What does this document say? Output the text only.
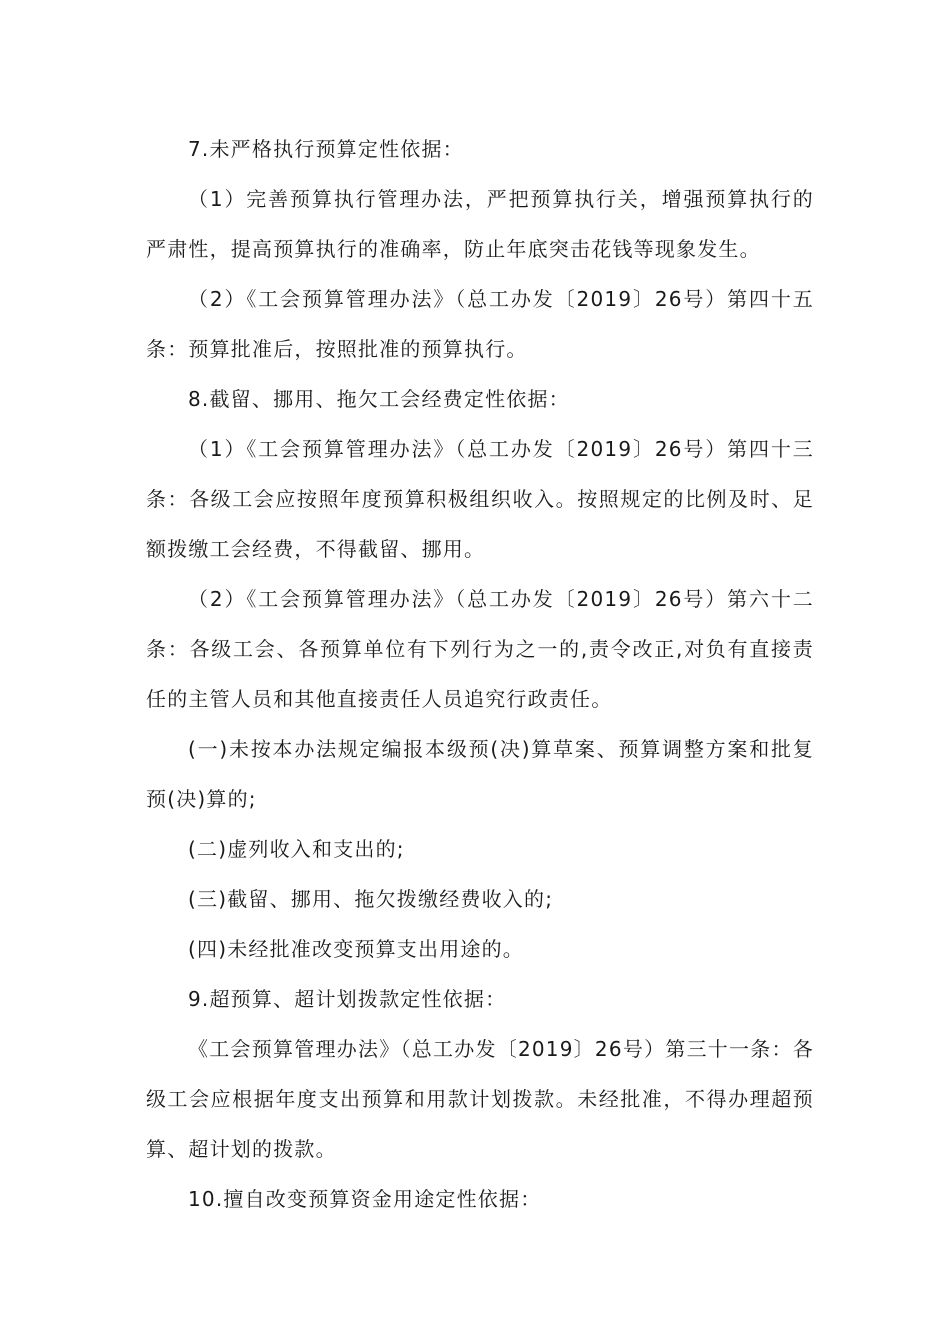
7.未严格执行预算定性依据：

（1）完善预算执行管理办法，严把预算执行关，增强预算执行的严肃性，提高预算执行的准确率，防止年底突击花钱等现象发生。

（2）《工会预算管理办法》（总工办发〔2019〕26号）第四十五条：预算批准后，按照批准的预算执行。

8.截留、挪用、拖欠工会经费定性依据：

（1）《工会预算管理办法》（总工办发〔2019〕26号）第四十三条：各级工会应按照年度预算积极组织收入。按照规定的比例及时、足额拨缴工会经费，不得截留、挪用。

（2）《工会预算管理办法》（总工办发〔2019〕26号）第六十二条：各级工会、各预算单位有下列行为之一的,责令改正,对负有直接责任的主管人员和其他直接责任人员追究行政责任。

(一)未按本办法规定编报本级预(决)算草案、预算调整方案和批复预(决)算的;

(二)虚列收入和支出的;

(三)截留、挪用、拖欠拨缴经费收入的;

(四)未经批准改变预算支出用途的。

9.超预算、超计划拨款定性依据：

《工会预算管理办法》（总工办发〔2019〕26号）第三十一条：各级工会应根据年度支出预算和用款计划拨款。未经批准，不得办理超预算、超计划的拨款。

10.擅自改变预算资金用途定性依据：
